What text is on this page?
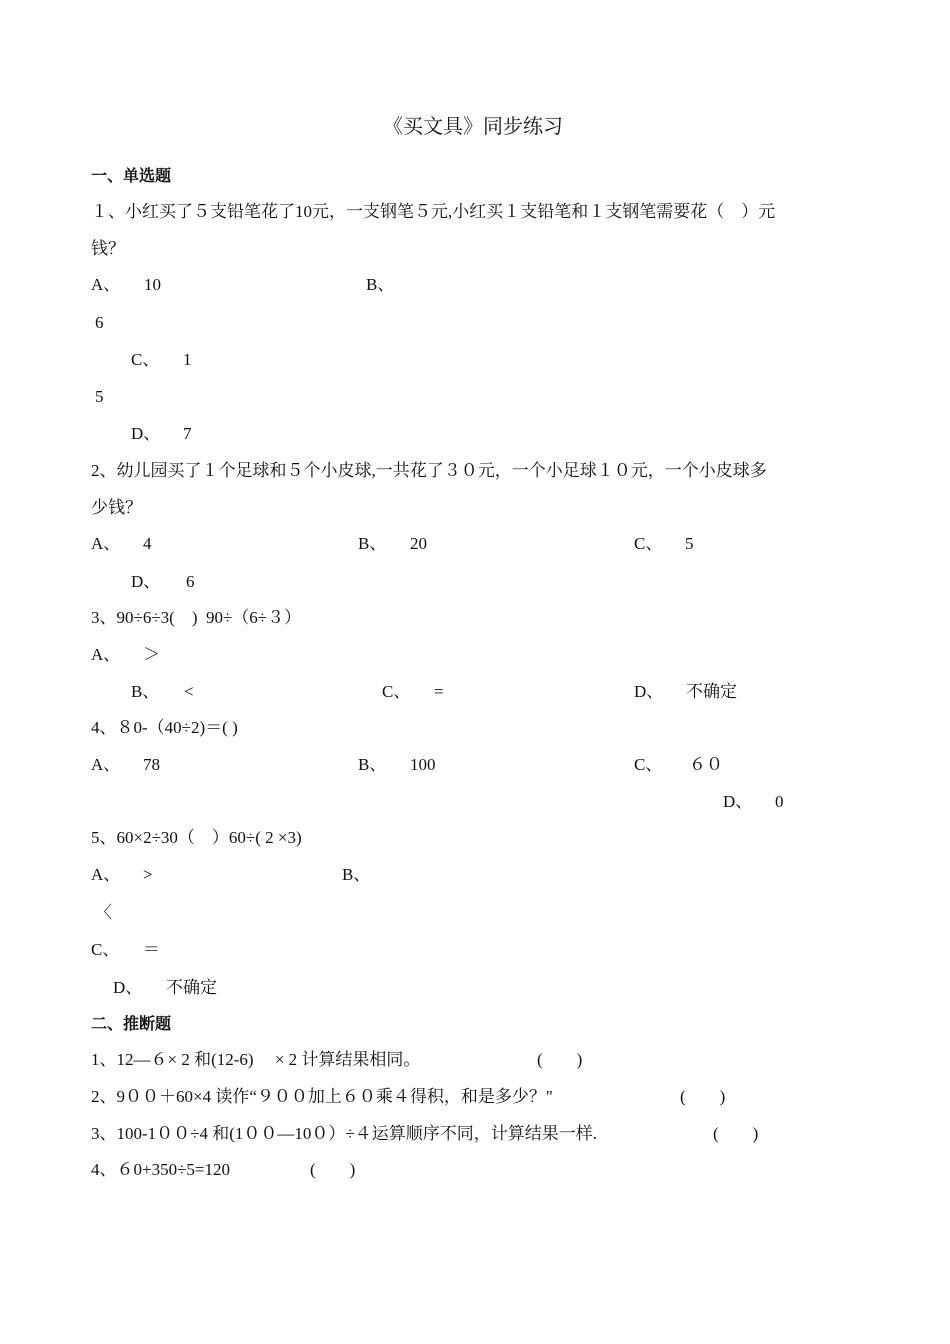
《买文具》同步练习
一、单选题
１、小红买了５支铅笔花了10元，一支钢笔５元,小红买１支铅笔和１支钢笔需要花（　）元
钱？
A、 10	B、
6
C、 1
5
D、 7
2、幼儿园买了１个足球和５个小皮球,一共花了３０元，一个小足球１０元，一个小皮球多
少钱？
A、 4	B、 20	C、 5
D、 6
3、90÷6÷3(　)  90÷（6÷３）
A、 ＞
B、 <	C、 =	D、 不确定
4、８0-（40÷2)＝( )
A、 78	B、 100	C、 ６０
D、 0
5、60×2÷30（　）60÷( 2 ×3)
A、 >	B、
〈
C、 ＝
D、 不确定
二、推断题
1、12—６× 2 和(12-6)　 × 2 计算结果相同。	(　　)
2、9００＋60×4 读作“９００加上６０乘４得积，和是多少？"	(　　)
3、100-1００÷4 和(1００—10０）÷４运算顺序不同，计算结果一样.	(　　)
4、６0+350÷5=120	(　　)
